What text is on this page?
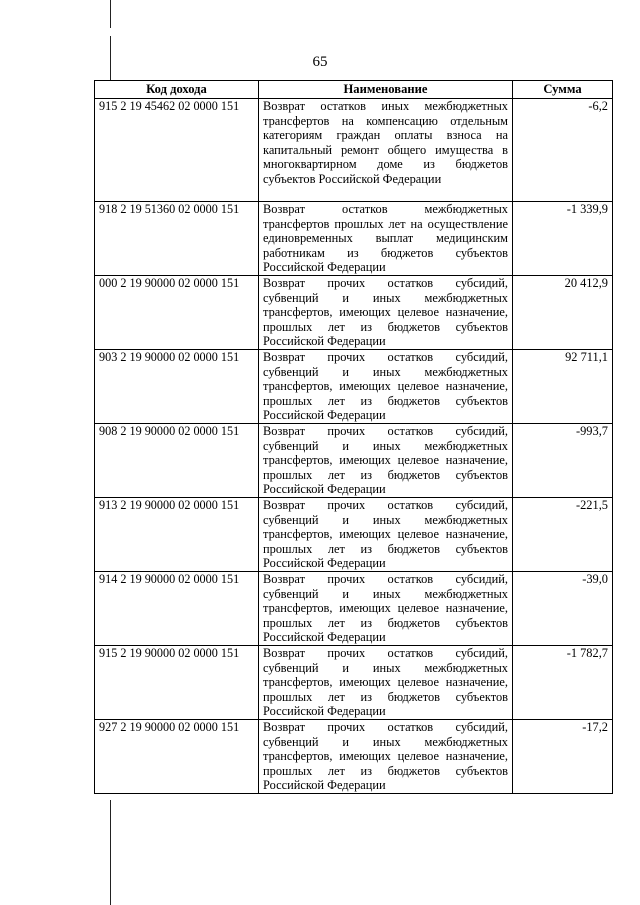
65
Код дохода	Наименование	Сумма
915 2 19 45462 02 0000 151	Возврат остатков иных межбюджетных трансфертов на компенсацию отдельным категориям граждан оплаты взноса на капитальный ремонт общего имущества в многоквартирном доме из бюджетов субъектов Российской Федерации	-6,2
918 2 19 51360 02 0000 151	Возврат остатков межбюджетных трансфертов прошлых лет на осуществление единовременных выплат медицинским работникам из бюджетов субъектов Российской Федерации	-1 339,9
000 2 19 90000 02 0000 151	Возврат прочих остатков субсидий, субвенций и иных межбюджетных трансфертов, имеющих целевое назначение, прошлых лет из бюджетов субъектов Российской Федерации	20 412,9
903 2 19 90000 02 0000 151	Возврат прочих остатков субсидий, субвенций и иных межбюджетных трансфертов, имеющих целевое назначение, прошлых лет из бюджетов субъектов Российской Федерации	92 711,1
908 2 19 90000 02 0000 151	Возврат прочих остатков субсидий, субвенций и иных межбюджетных трансфертов, имеющих целевое назначение, прошлых лет из бюджетов субъектов Российской Федерации	-993,7
913 2 19 90000 02 0000 151	Возврат прочих остатков субсидий, субвенций и иных межбюджетных трансфертов, имеющих целевое назначение, прошлых лет из бюджетов субъектов Российской Федерации	-221,5
914 2 19 90000 02 0000 151	Возврат прочих остатков субсидий, субвенций и иных межбюджетных трансфертов, имеющих целевое назначение, прошлых лет из бюджетов субъектов Российской Федерации	-39,0
915 2 19 90000 02 0000 151	Возврат прочих остатков субсидий, субвенций и иных межбюджетных трансфертов, имеющих целевое назначение, прошлых лет из бюджетов субъектов Российской Федерации	-1 782,7
927 2 19 90000 02 0000 151	Возврат прочих остатков субсидий, субвенций и иных межбюджетных трансфертов, имеющих целевое назначение, прошлых лет из бюджетов субъектов Российской Федерации	-17,2
